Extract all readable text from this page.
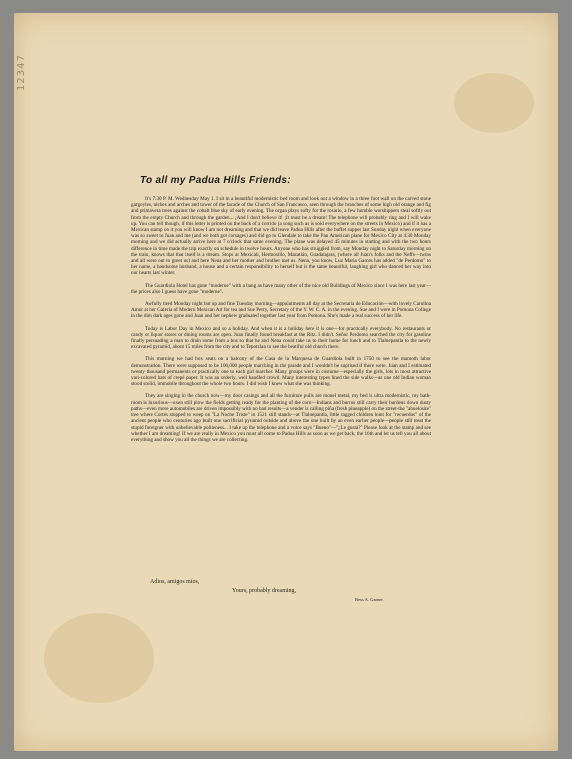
12347
To all my Padua Hills Friends:

It's 7:30 P. M. Wednesday May 1. I sit in a beautiful modernistic bed room and look out a window in a three foot wall on the carved stone gargoyles, niches and arches and tower of the facade of the Church of San Francasco, seen through the branches of some high old orange and fig and primavera trees against the cobalt blue sky of early evening. The organ plays softy for the rosario, a few humble worshippers steal softly out from the empty Church and through the garden... ¡And I don't believe it! ¡It must be a dream! The telephone will probably ring and I will wake up. You can tell though, if this letter is printed on the back of a corrido (a song such as is sold everywhere on the streets in Mexico) and if it has a Mexican stamp on it you will know I am not dreaming and that we did leave Padua Hills after the buffet supper last Sunday night when everyone was so sweet to Juan and me (and we both got corsages) and did go to Glendale to take the Pan American plane for Mexico City at 4:30 Monday morning and we did actually arrive here at 7 o'clock that same evening. The plane was delayed 45 minutes in starting and with the two hours difference in time made the trip exactly on schedule in twelve hours. Anyone who has struggled from, say Monday night to Saturday morning on the train, knows that that itself is a dream. Stops at Mexicali, Hermosillo, Mazatlán, Guadalajara, (where all Juan's folks and the Neffs—twins and all were out to greet us) and here Nena and her mother and brother met us. Nena, you know, Luz Maria Garces has added "de Perdomo" to her name, a handsome husband, a house and a certain responsibility to herself but is the same beautiful, laughing girl who danced her way into our hearts last winter.

The Guardiola Hotel has gone "moderne" with a bang as have many other of the nice old Buildings of Mexico since I was here last year—the prices also I guess have gone "moderne".

Awfully tired Monday night but up and fine Tuesday morning—appointments all day at the Secretaría de Educación—with lovely Carolina Amor at her Galería of Modern Mexican Art for tea and Sue Perry, Secretary of the Y. W. C. A. in the evening. Sue and I were in Pomona College in the dim dark ages gone and Juan and her nephew graduated together last year from Pomona. She's made a real success of her life.

Today is Labor Day in Mexico and so a holiday. And when it is a holiday here it is one—for practically everybody. No restaurants or candy or liquor stores or dining rooms are open. Juan finally found breakfast at the Ritz. I didn't. Señor Perdomo searched the city for gasoline finally persuading a man to drain some from a bus so that he and Nena could take us to their home for lunch and to Tlalnepantla to the newly excavated pyramid, about 15 miles from the city and to Tepotzlan to see the beatiful old church there.

This morning we had box seats on a balcony of the Casa de la Marquesa de Guardiola built in 1750 to see the mamoth labor demonstration. There were supposed to be 100,000 people marching in the parade and I wouldn't be suprised if there were. Juan and I estimated twenty thousand permanents or practically one to each girl marcher. Many groups were in costume—especially the girls, lots in most attractive vari-colored hats of crepé paper. It was an orderly, well handled crowd. Many interesting types lined the side walks—as one old Indian woman stood stolid, immobile throughout the whole two hours. I did wish I knew what she was thinking.

They are singing in the church now—my door casings and all the furniture pulls are monel metal, my bed is ultra modernistic, my bath-room is luxurious—oxen still plow the fields getting ready for the planting of the corn—Indians and burros still carry their burdens down dusty paths—even more automobiles are driven impossibly with no bad results—a vender is calling piña (fresh pineapple) on the street-the "abuelosite" tree where Cortés stopped to weep on "La Noche Triste" in 1521 still stands—at Tlalnepantla, little ragged children hunt for "recuerdos" of the ancient people who centuries ago built one sacrificial pyramid outside and above the one built by an even earlier people—people still treat the stupid foreigner with unbelievable politeness... I take up the telephone and a voice says "Bueno"—"¿Le gusta?" Please look at the stamp and see whether I am dreaming! If we are really in Mexico you must all come to Padua Hills as soon as we get back, the 16th and let us tell you all about everything and show you all the things we are collecting.

Adios, amigos míos,
Yours, probably dreaming,
Bess A. Garner.
